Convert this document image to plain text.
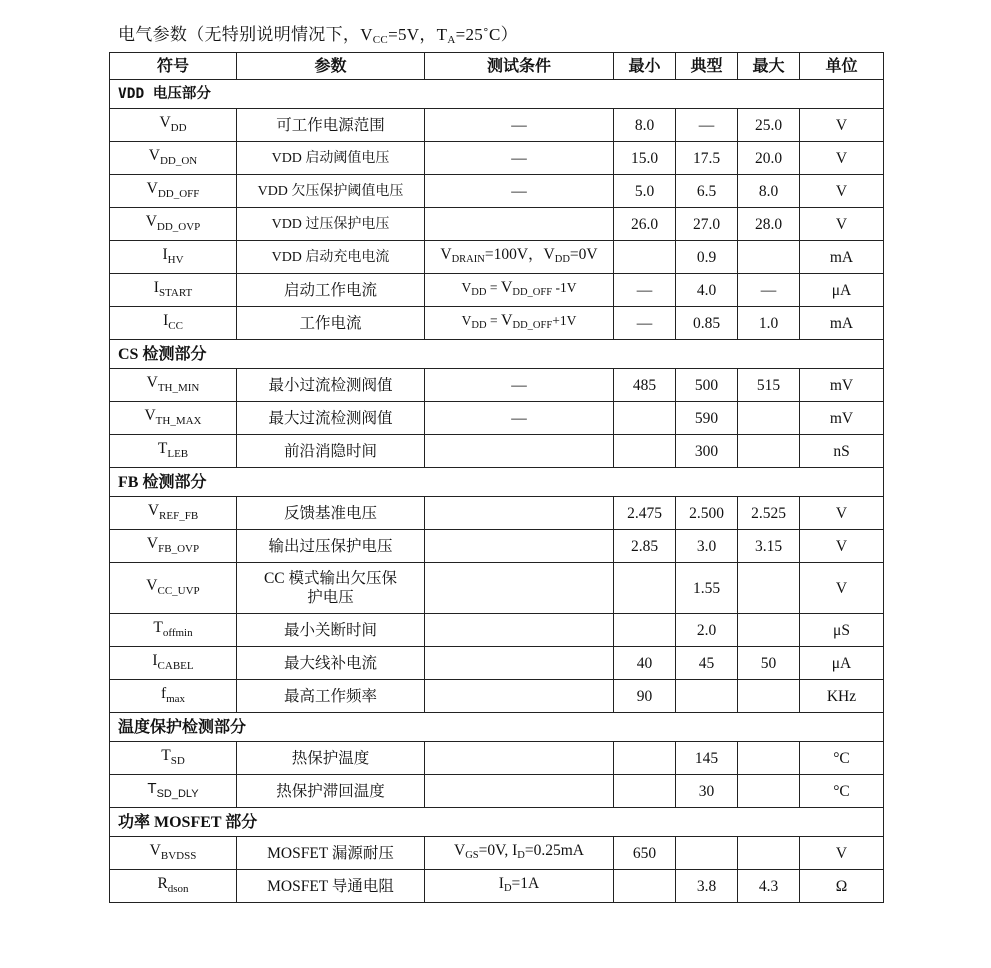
电气参数（无特别说明情况下，$V_{CC}=5V$，$T_A=25˚C$）
符号	参数	测试条件	最小	典型	最大	单位
VDD 电压部分						
$V_{DD}$	可工作电源范围	—	8.0	—	25.0	V
$V_{DD\_ON}$	VDD 启动阈值电压	—	15.0	17.5	20.0	V
$V_{DD\_OFF}$	VDD 欠压保护阈值电压	—	5.0	6.5	8.0	V
$V_{DD\_OVP}$	VDD 过压保护电压		26.0	27.0	28.0	V
$I_{HV}$	VDD 启动充电电流	$V_{DRAIN}=100V$，$V_{DD}=0V$		0.9		mA
$I_{START}$	启动工作电流	$V_{DD} = V_{DD\_OFF}$ -1V	—	4.0	—	μA
$I_{CC}$	工作电流	$V_{DD} = V_{DD\_OFF}+1V$	—	0.85	1.0	mA
CS 检测部分						
$V_{TH\_MIN}$	最小过流检测阀值	—	485	500	515	mV
$V_{TH\_MAX}$	最大过流检测阀值	—		590		mV
$T_{LEB}$	前沿消隐时间			300		nS
FB 检测部分						
$V_{REF\_FB}$	反馈基准电压		2.475	2.500	2.525	V
$V_{FB\_OVP}$	输出过压保护电压		2.85	3.0	3.15	V
$V_{CC\_UVP}$	CC 模式输出欠压保护电压			1.55		V
$T_{offmin}$	最小关断时间			2.0		μS
$I_{CABEL}$	最大线补电流		40	45	50	μA
$f_{max}$	最高工作频率		90			KHz
温度保护检测部分						
$T_{SD}$	热保护温度			145		°C
$T_{SD\_DLY}$	热保护滞回温度			30		°C
功率 MOSFET 部分						
$V_{BVDSS}$	MOSFET 漏源耐压	$V_{GS}=0V$, $I_D=0.25mA$	650			V
$R_{dson}$	MOSFET 导通电阻	$I_D=1A$		3.8	4.3	Ω
